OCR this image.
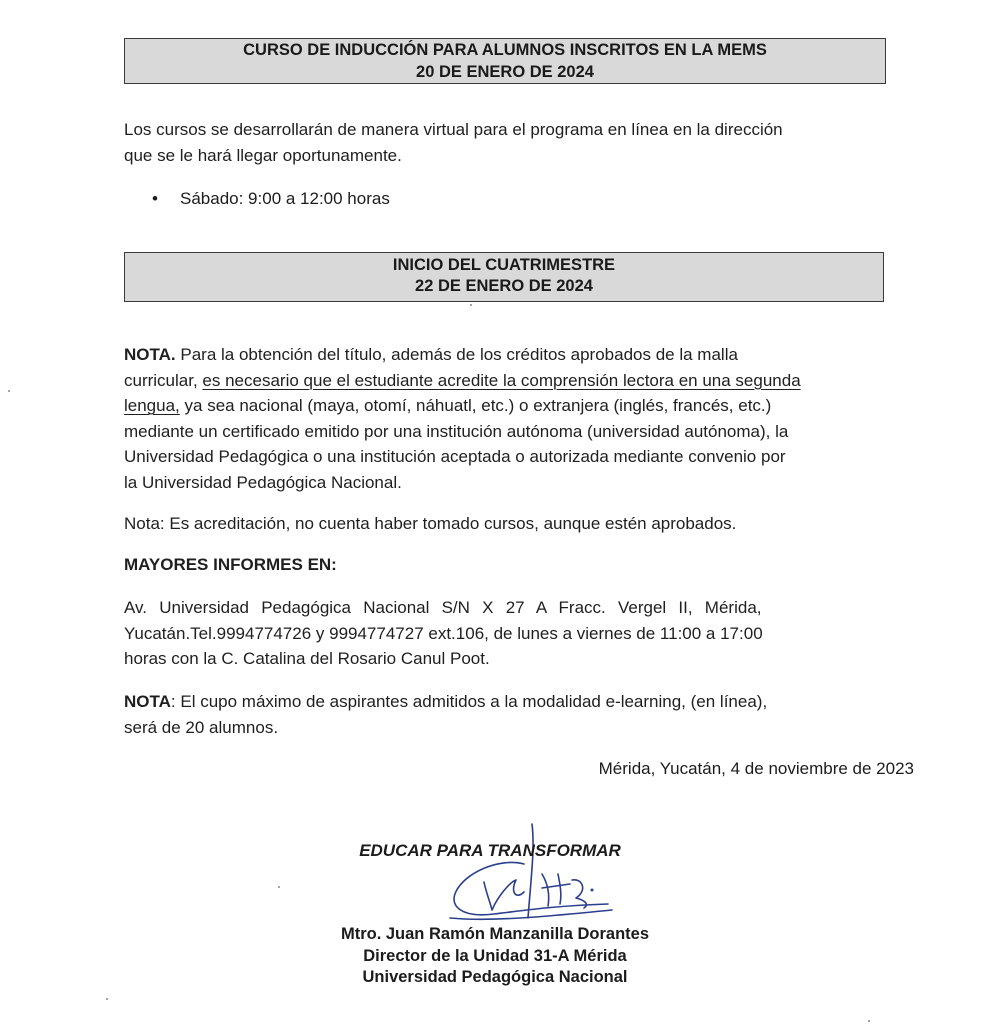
CURSO DE INDUCCIÓN PARA ALUMNOS INSCRITOS EN LA MEMS
20 DE ENERO DE 2024
Los cursos se desarrollarán de manera virtual para el programa en línea en la dirección
que se le hará llegar oportunamente.
• Sábado: 9:00 a 12:00 horas
INICIO DEL CUATRIMESTRE
22 DE ENERO DE 2024
NOTA. Para la obtención del título, además de los créditos aprobados de la malla
curricular, es necesario que el estudiante acredite la comprensión lectora en una segunda
lengua, ya sea nacional (maya, otomí, náhuatl, etc.) o extranjera (inglés, francés, etc.)
mediante un certificado emitido por una institución autónoma (universidad autónoma), la
Universidad Pedagógica o una institución aceptada o autorizada mediante convenio por
la Universidad Pedagógica Nacional.
Nota: Es acreditación, no cuenta haber tomado cursos, aunque estén aprobados.
MAYORES INFORMES EN:
Av. Universidad Pedagógica Nacional S/N X 27 A Fracc. Vergel II, Mérida,
Yucatán.Tel.9994774726 y 9994774727 ext.106, de lunes a viernes de 11:00 a 17:00
horas con la C. Catalina del Rosario Canul Poot.
NOTA: El cupo máximo de aspirantes admitidos a la modalidad e-learning, (en línea),
será de 20 alumnos.
Mérida, Yucatán, 4 de noviembre de 2023
EDUCAR PARA TRANSFORMAR
Mtro. Juan Ramón Manzanilla Dorantes
Director de la Unidad 31-A Mérida
Universidad Pedagógica Nacional
